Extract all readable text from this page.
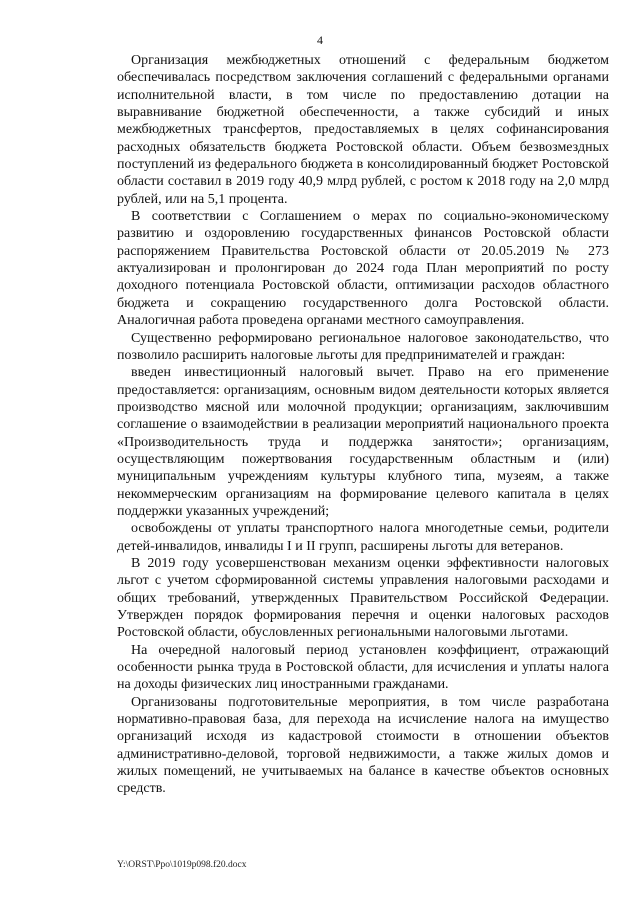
4

Организация межбюджетных отношений с федеральным бюджетом обеспечивалась посредством заключения соглашений с федеральными органами исполнительной власти, в том числе по предоставлению дотации на выравнивание бюджетной обеспеченности, а также субсидий и иных межбюджетных трансфертов, предоставляемых в целях софинансирования расходных обязательств бюджета Ростовской области. Объем безвозмездных поступлений из федерального бюджета в консолидированный бюджет Ростовской области составил в 2019 году 40,9 млрд рублей, с ростом к 2018 году на 2,0 млрд рублей, или на 5,1 процента.

В соответствии с Соглашением о мерах по социально-экономическому развитию и оздоровлению государственных финансов Ростовской области распоряжением Правительства Ростовской области от 20.05.2019 № 273 актуализирован и пролонгирован до 2024 года План мероприятий по росту доходного потенциала Ростовской области, оптимизации расходов областного бюджета и сокращению государственного долга Ростовской области. Аналогичная работа проведена органами местного самоуправления.

Существенно реформировано региональное налоговое законодательство, что позволило расширить налоговые льготы для предпринимателей и граждан:

введен инвестиционный налоговый вычет. Право на его применение предоставляется: организациям, основным видом деятельности которых является производство мясной или молочной продукции; организациям, заключившим соглашение о взаимодействии в реализации мероприятий национального проекта «Производительность труда и поддержка занятости»; организациям, осуществляющим пожертвования государственным областным и (или) муниципальным учреждениям культуры клубного типа, музеям, а также некоммерческим организациям на формирование целевого капитала в целях поддержки указанных учреждений;

освобождены от уплаты транспортного налога многодетные семьи, родители детей-инвалидов, инвалиды I и II групп, расширены льготы для ветеранов.

В 2019 году усовершенствован механизм оценки эффективности налоговых льгот с учетом сформированной системы управления налоговыми расходами и общих требований, утвержденных Правительством Российской Федерации. Утвержден порядок формирования перечня и оценки налоговых расходов Ростовской области, обусловленных региональными налоговыми льготами.

На очередной налоговый период установлен коэффициент, отражающий особенности рынка труда в Ростовской области, для исчисления и уплаты налога на доходы физических лиц иностранными гражданами.

Организованы подготовительные мероприятия, в том числе разработана нормативно-правовая база, для перехода на исчисление налога на имущество организаций исходя из кадастровой стоимости в отношении объектов административно-деловой, торговой недвижимости, а также жилых домов и жилых помещений, не учитываемых на балансе в качестве объектов основных средств.

Y:\ORST\Ppo\1019p098.f20.docx
